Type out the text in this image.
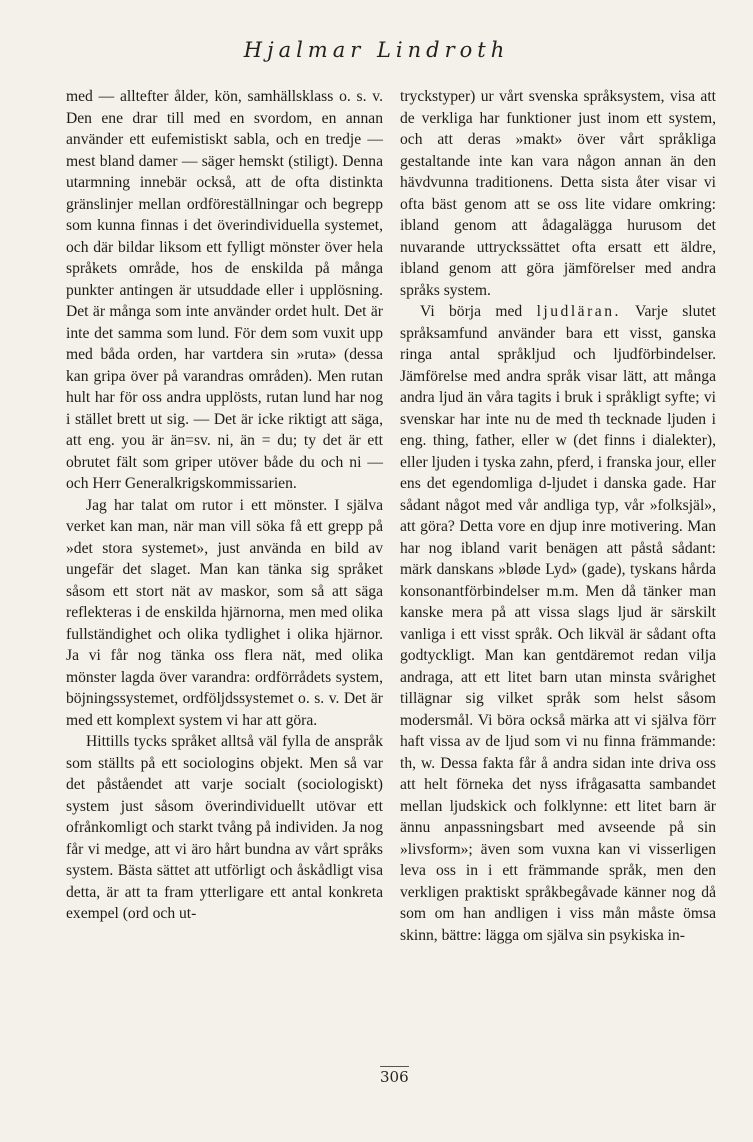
Hjalmar Lindroth

med — alltefter ålder, kön, samhällsklass o. s. v. Den ene drar till med en svordom, en annan använder ett eufemistiskt sabla, och en tredje — mest bland damer — säger hemskt (stiligt). Denna utarmning innebär också, att de ofta distinkta gränslinjer mellan ordföreställningar och begrepp som kunna finnas i det överindividuella systemet, och där bildar liksom ett fylligt mönster över hela språkets område, hos de enskilda på många punkter antingen är utsuddade eller i upplösning. Det är många som inte använder ordet hult. Det är inte det samma som lund. För dem som vuxit upp med båda orden, har vartdera sin »ruta» (dessa kan gripa över på varandras områden). Men rutan hult har för oss andra upplösts, rutan lund har nog i stället brett ut sig. — Det är icke riktigt att säga, att eng. you är än=sv. ni, än = du; ty det är ett obrutet fält som griper utöver både du och ni — och Herr Generalkrigskommissarien.

Jag har talat om rutor i ett mönster. I själva verket kan man, när man vill söka få ett grepp på »det stora systemet», just använda en bild av ungefär det slaget. Man kan tänka sig språket såsom ett stort nät av maskor, som så att säga reflekteras i de enskilda hjärnorna, men med olika fullständighet och olika tydlighet i olika hjärnor. Ja vi får nog tänka oss flera nät, med olika mönster lagda över varandra: ordförrådets system, böjningssystemet, ordföljdssystemet o. s. v. Det är med ett komplext system vi har att göra.

Hittills tycks språket alltså väl fylla de anspråk som ställts på ett sociologins objekt. Men så var det påståendet att varje socialt (sociologiskt) system just såsom överindividuellt utövar ett ofrånkomligt och starkt tvång på individen. Ja nog får vi medge, att vi äro hårt bundna av vårt språks system. Bästa sättet att utförligt och åskådligt visa detta, är att ta fram ytterligare ett antal konkreta exempel (ord och ut-

tryckstyper) ur vårt svenska språksystem, visa att de verkliga har funktioner just inom ett system, och att deras »makt» över vårt språkliga gestaltande inte kan vara någon annan än den hävdvunna traditionens. Detta sista åter visar vi ofta bäst genom att se oss lite vidare omkring: ibland genom att ådagalägga hurusom det nuvarande uttryckssättet ofta ersatt ett äldre, ibland genom att göra jämförelser med andra språks system.

Vi börja med ljudläran. Varje slutet språksamfund använder bara ett visst, ganska ringa antal språkljud och ljudförbindelser. Jämförelse med andra språk visar lätt, att många andra ljud än våra tagits i bruk i språkligt syfte; vi svenskar har inte nu de med th tecknade ljuden i eng. thing, father, eller w (det finns i dialekter), eller ljuden i tyska zahn, pferd, i franska jour, eller ens det egendomliga d-ljudet i danska gade. Har sådant något med vår andliga typ, vår »folksjäl», att göra? Detta vore en djup inre motivering. Man har nog ibland varit benägen att påstå sådant: märk danskans »bløde Lyd» (gade), tyskans hårda konsonantförbindelser m.m. Men då tänker man kanske mera på att vissa slags ljud är särskilt vanliga i ett visst språk. Och likväl är sådant ofta godtyckligt. Man kan gentdäremot redan vilja andraga, att ett litet barn utan minsta svårighet tillägnar sig vilket språk som helst såsom modersmål. Vi böra också märka att vi själva förr haft vissa av de ljud som vi nu finna främmande: th, w. Dessa fakta får å andra sidan inte driva oss att helt förneka det nyss ifrågasatta sambandet mellan ljudskick och folklynne: ett litet barn är ännu anpassningsbart med avseende på sin »livsform»; även som vuxna kan vi visserligen leva oss in i ett främmande språk, men den verkligen praktiskt språkbegåvade känner nog då som om han andligen i viss mån måste ömsa skinn, bättre: lägga om själva sin psykiska in-

306
